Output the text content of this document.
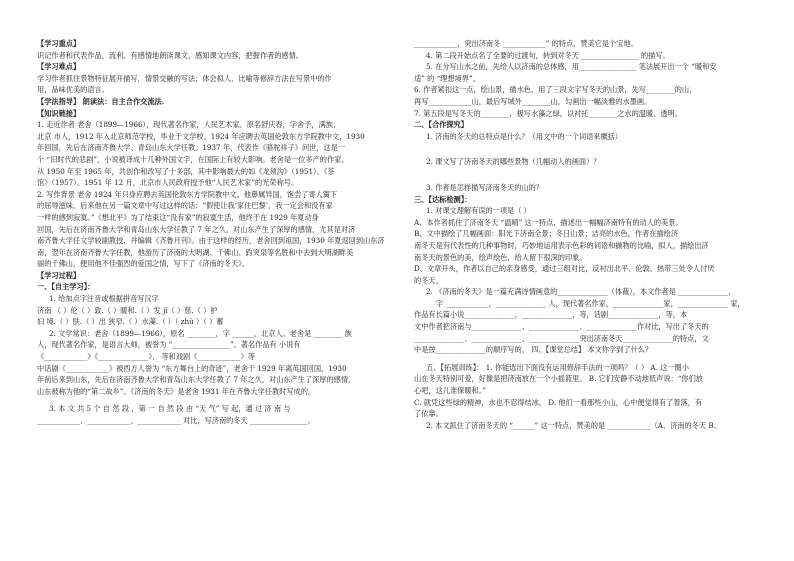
【学习重点】
识记作者和代表作品，流利、有感情地朗读课文，感知课文内容，把握作者的感情。
【学习难点】
学习作者抓住景物特征展开描写，情景交融的写法；体会拟人、比喻等修辞方法在写景中的作
用，品味优美的语言。
【学法指导】 朗读法：自主合作交流法.
【知识链接】
1. 走近作者 老舍（1899—1966），现代著名作家，人民艺术家。原名舒庆春，字舍予，满族，
北京 市人，1912 年入北京师范学校，毕业于文学校。1924 年应聘去英国伦敦东方学院教中文，1930
年回国，先后在济南齐鲁大学、青岛山东大学任教。1937 年，代表作《骆驼祥子》问世，这是一
个 “旧时代的悲剧”，小说被译成十几种外国文字，在国际上有较大影响。老舍是一位多产的作家。
从 1950 年至 1965 年，共创作和改写了十多部，其中影响最大的如《龙须沟》（1951）、《茶
馆》（1957）。1951 年 12 月，北京市人民政府授予他“人民艺术家”的光荣称号。
2. 写作背景 老舍 1924 年只身应聘去英国伦敦东方学院教中文。他鼻属异国，饱尝了寄人篱下
的屈辱滋味。后来他在另一篇文章中写过这样的话：“假使让我‘家住巴黎’，我一定会和没有家
一样的感到寂寞。”《想北平》为了结束这“没有家”的寂寞生活，他终于在 1929 年夏动身
回国，先后在济南齐鲁大学和青岛山东大学任教了 7 年之久，对山东产生了深厚的感情，尤其是对济
南齐鲁大学任文学较副教授，并编辑《齐鲁月刊》。由于这样的经历，老舍回到祖国，1930 年夏返回到山东济
南，翌年在济南齐鲁大学任教，他游历了济南的大明湖、千佛山、趵突泉等名胜和中去到大明湖畔美
丽的千佛山，便用他不佳强烈的爱国之情，写下了《济南的冬天》。
【学习过程】
一、【自主学习】：
1. 给加点字注音或根据拼音写汉字
济南 （ ）伦（ ）敦.（ ）暖和.（ ）发 jì（ ）慈.（ ）护
妇 境.（ ）肤.（ ）出 狭窄.（ ）水藻.（ ）（ zhù ）（ ）蓄
2. 文学常识：老舍（1899—1966），原名 ________，字 ______，北京人。老舍是 ________ 族
人，现代著名作家，是语言大师，被誉为 “________________”。著名作品有 小说有
《____________》《______________》、 等和戏剧《____________》等
中话剧《____________》被西方人誉为 “东方舞台上的奇迹”，老舍于 1929 年离英国回国，1930
年前后来到山东，先后在济南齐鲁大学和青岛山东大学任教了 7 年之久，对山东产生了深厚的感情，
山东被称为他的“第二故乡”。《济南的冬天》是老舍 1931 年在齐鲁大学任教时写成的。
3. 本 文 共 5 个 自 然 段 ，第 一 自 然 段 由 “天 气” 写 起，通 过 济 南 与
____________、____________、____________ 对比，写济南的冬天 ________________、
____________，突出济南冬 ____________” 的特点，赞美它是个宝地。
4. 第二段开始点名了全要的过渡句，转到对冬天 ________________ 的描写。
5. 在分写山水之前，先给人以济南的总体感，用________________ 笔法展开出一个 “暖和安
适” 的 “理想境界”。
6. 作者紧扣这一点，绘山景，描水色，用了三段文字写冬天的山景，先写________的山，
再写____________山，最后写城外________山，勾画出一幅淡雅的水墨画。
7. 第五段是写冬天的________，极写水藻之绿，以衬托________之水的温暖、透明。
二、【合作探究】
1. 济南的冬天的总特点是什么？（用文中的一个词语来概括）
2. 课文写了济南冬天的哪些景物（几幅动人的画面）？
3. 作者是怎样描写济南冬天的山的？
三、【达标检测】：
1. 对课文理解有误的一项是（ ）
A、本作者抓住了济南冬天 “温晴” 这一特点，描述出一幅幅济南特有的动人的美景。
B、文中描绘了几幅画面：阳光下济南全景；冬日山景；洁亮的水色，作者在描绘济
南冬天是有代表性的几种事物时，巧妙地运用表示色彩的词语和撷物的比喻，拟人，描绘出济
南冬天的景色的美，绘声绘色，给人留下很深的印象。
D、文章开头，作者以自己的亲身感受，通过三组对比，反衬出北平、伦敦、热带三处令人讨厌
的冬天。
2. 《济南的冬天》是一篇充满诗情画意的______________（体裁），本文作者是 ______________，
字 ____________，______________ 人，现代著名作家，______________家，______________ 家，
作品有长篇小说______________，______________，等，话剧______________，等，本
文中作者把济南与______________、______________、______________作对比，写出了冬天的
______________、______________、______________突出济南冬天______________的特点，文
中是按______________的顺序写的。 四、【课堂总结】 本文你学到了什么？
五、【拓展训练】： 1. 你能选出下面没有运用修辞手法的一项吗？（ ） A. 这一圈小
山在冬天特别可爱，好像是把济南放在一个小摇篮里。 B. 它们安静不动地低声说：“你们放
心吧，这儿准保暖和。”
C. 就凭这些绿的精神，水也不忍得结冰。 D. 他们一看那些小山，心中便觉得有了着落，有
了依靠。
2. 本文抓住了济南冬天的 “______” 这一特点，赞美的是 ____________（A、济南的冬天 B、
